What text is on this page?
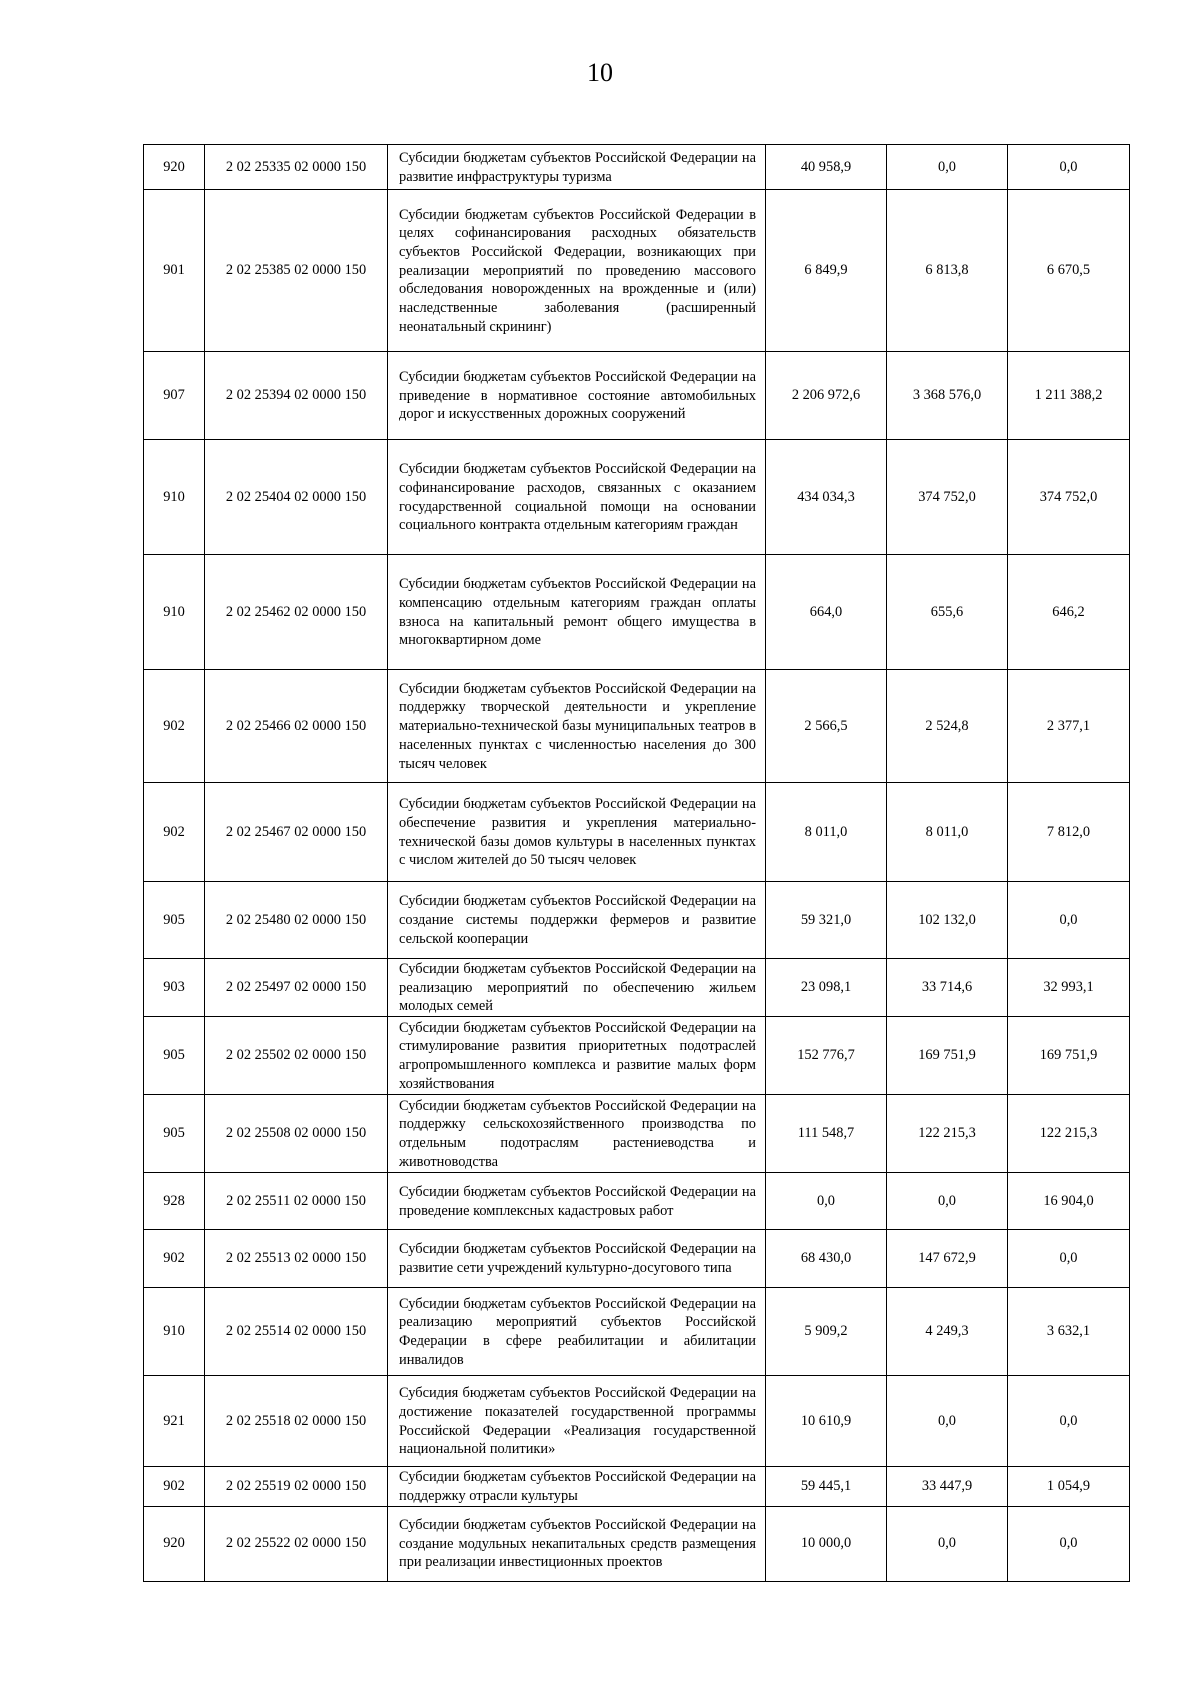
10
920	2 02 25335 02 0000 150	Субсидии бюджетам субъектов Российской Федерации на развитие инфраструктуры туризма	40 958,9	0,0	0,0
901	2 02 25385 02 0000 150	Субсидии бюджетам субъектов Российской Федерации в целях софинансирования расходных обязательств субъектов Российской Федерации, возникающих при реализации мероприятий по проведению массового обследования новорожденных на врожденные и (или) наследственные заболевания (расширенный неонатальный скрининг)	6 849,9	6 813,8	6 670,5
907	2 02 25394 02 0000 150	Субсидии бюджетам субъектов Российской Федерации на приведение в нормативное состояние автомобильных дорог и искусственных дорожных сооружений	2 206 972,6	3 368 576,0	1 211 388,2
910	2 02 25404 02 0000 150	Субсидии бюджетам субъектов Российской Федерации на софинансирование расходов, связанных с оказанием государственной социальной помощи на основании социального контракта отдельным категориям граждан	434 034,3	374 752,0	374 752,0
910	2 02 25462 02 0000 150	Субсидии бюджетам субъектов Российской Федерации на компенсацию отдельным категориям граждан оплаты взноса на капитальный ремонт общего имущества в многоквартирном доме	664,0	655,6	646,2
902	2 02 25466 02 0000 150	Субсидии бюджетам субъектов Российской Федерации на поддержку творческой деятельности и укрепление материально-технической базы муниципальных театров в населенных пунктах с численностью населения до 300 тысяч человек	2 566,5	2 524,8	2 377,1
902	2 02 25467 02 0000 150	Субсидии бюджетам субъектов Российской Федерации на обеспечение развития и укрепления материально-технической базы домов культуры в населенных пунктах с числом жителей до 50 тысяч человек	8 011,0	8 011,0	7 812,0
905	2 02 25480 02 0000 150	Субсидии бюджетам субъектов Российской Федерации на создание системы поддержки фермеров и развитие сельской кооперации	59 321,0	102 132,0	0,0
903	2 02 25497 02 0000 150	Субсидии бюджетам субъектов Российской Федерации на реализацию мероприятий по обеспечению жильем молодых семей	23 098,1	33 714,6	32 993,1
905	2 02 25502 02 0000 150	Субсидии бюджетам субъектов Российской Федерации на стимулирование развития приоритетных подотраслей агропромышленного комплекса и развитие малых форм хозяйствования	152 776,7	169 751,9	169 751,9
905	2 02 25508 02 0000 150	Субсидии бюджетам субъектов Российской Федерации на поддержку сельскохозяйственного производства по отдельным подотраслям растениеводства и животноводства	111 548,7	122 215,3	122 215,3
928	2 02 25511 02 0000 150	Субсидии бюджетам субъектов Российской Федерации на проведение комплексных кадастровых работ	0,0	0,0	16 904,0
902	2 02 25513 02 0000 150	Субсидии бюджетам субъектов Российской Федерации на развитие сети учреждений культурно-досугового типа	68 430,0	147 672,9	0,0
910	2 02 25514 02 0000 150	Субсидии бюджетам субъектов Российской Федерации на реализацию мероприятий субъектов Российской Федерации в сфере реабилитации и абилитации инвалидов	5 909,2	4 249,3	3 632,1
921	2 02 25518 02 0000 150	Субсидия бюджетам субъектов Российской Федерации на достижение показателей государственной программы Российской Федерации «Реализация государственной национальной политики»	10 610,9	0,0	0,0
902	2 02 25519 02 0000 150	Субсидии бюджетам субъектов Российской Федерации на поддержку отрасли культуры	59 445,1	33 447,9	1 054,9
920	2 02 25522 02 0000 150	Субсидии бюджетам субъектов Российской Федерации на создание модульных некапитальных средств размещения при реализации инвестиционных проектов	10 000,0	0,0	0,0
